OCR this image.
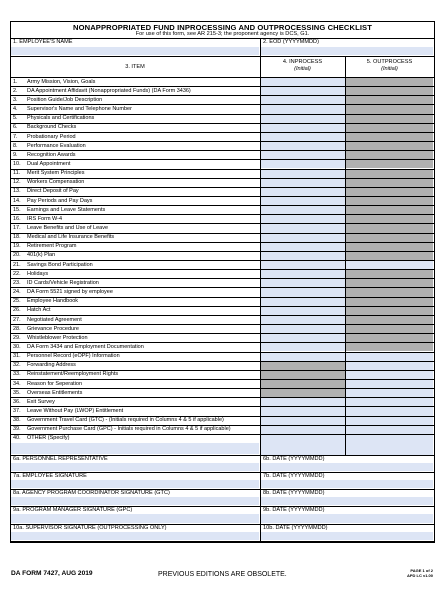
NONAPPROPRIATED FUND INPROCESSING AND OUTPROCESSING CHECKLIST
For use of this form, see AR 215-3; the proponent agency is DCS, G1.
DA FORM 7427, AUG 2019	PREVIOUS EDITIONS ARE OBSOLETE.
PAGE 1 of 2
APD LC v1.00
1. EMPLOYEE'S NAME	2. EOD (YYYYMMDD)
3. ITEM
4. INPROCESS
(Initial)
5. OUTPROCESS
(Initial)
1. Army Mission, Vision, Goals
2. DA Appointment Affidavit (Nonappropriated Funds) (DA Form 3436)
3. Position Guide/Job Description
4. Supervisor's Name and Telephone Number
5. Physicals and Certifications
6. Background Checks
7. Probationary Period
8. Performance Evaluation
9. Recognition Awards
10. Dual Appointment
11. Merit System Principles
12. Workers Compensation
13. Direct Deposit of Pay
14. Pay Periods and Pay Days
15. Earnings and Leave Statements
16. IRS Form W-4
17. Leave Benefits and Use of Leave
18. Medical and Life Insurance Benefits
19. Retirement Program
20. 401(k) Plan
21. Savings Bond Participation
22. Holidays
23. ID Cards/Vehicle Registration
24. DA Form 5521 signed by employee
25. Employee Handbook
26. Hatch Act
27. Negotiated Agreement
28. Grievance Procedure
29. Whistleblower Protection
30. DA Form 3434 and Employment Documentation
31. Personnel Record (eOPF) Information
32. Forwarding Address
33. Reinstatement/Reemployment Rights
34. Reason for Seperation
35. Overseas Entitlements
36. Exit Survey
37. Leave Without Pay (LWOP) Entitlement
38. Government Travel Card (GTC) - (Initials required in Columns 4 & 5 if applicable)
39. Government Purchase Card (GPC) - Initials required in Columns 4 & 5 if applicable)
40. OTHER (Specify)
6a. PERSONNEL REPRESENTATIVE	6b. DATE (YYYYMMDD)
7a. EMPLOYEE SIGNATURE	7b. DATE (YYYYMMDD)
8a. AGENCY PROGRAM COORDINATOR SIGNATURE (GTC)	8b. DATE (YYYYMMDD)
9a. PROGRAM MANAGER SIGNATURE (GPC)	9b. DATE (YYYYMMDD)
10a. SUPERVISOR SIGNATURE (OUTPROCESSING ONLY)	10b. DATE (YYYYMMDD)
